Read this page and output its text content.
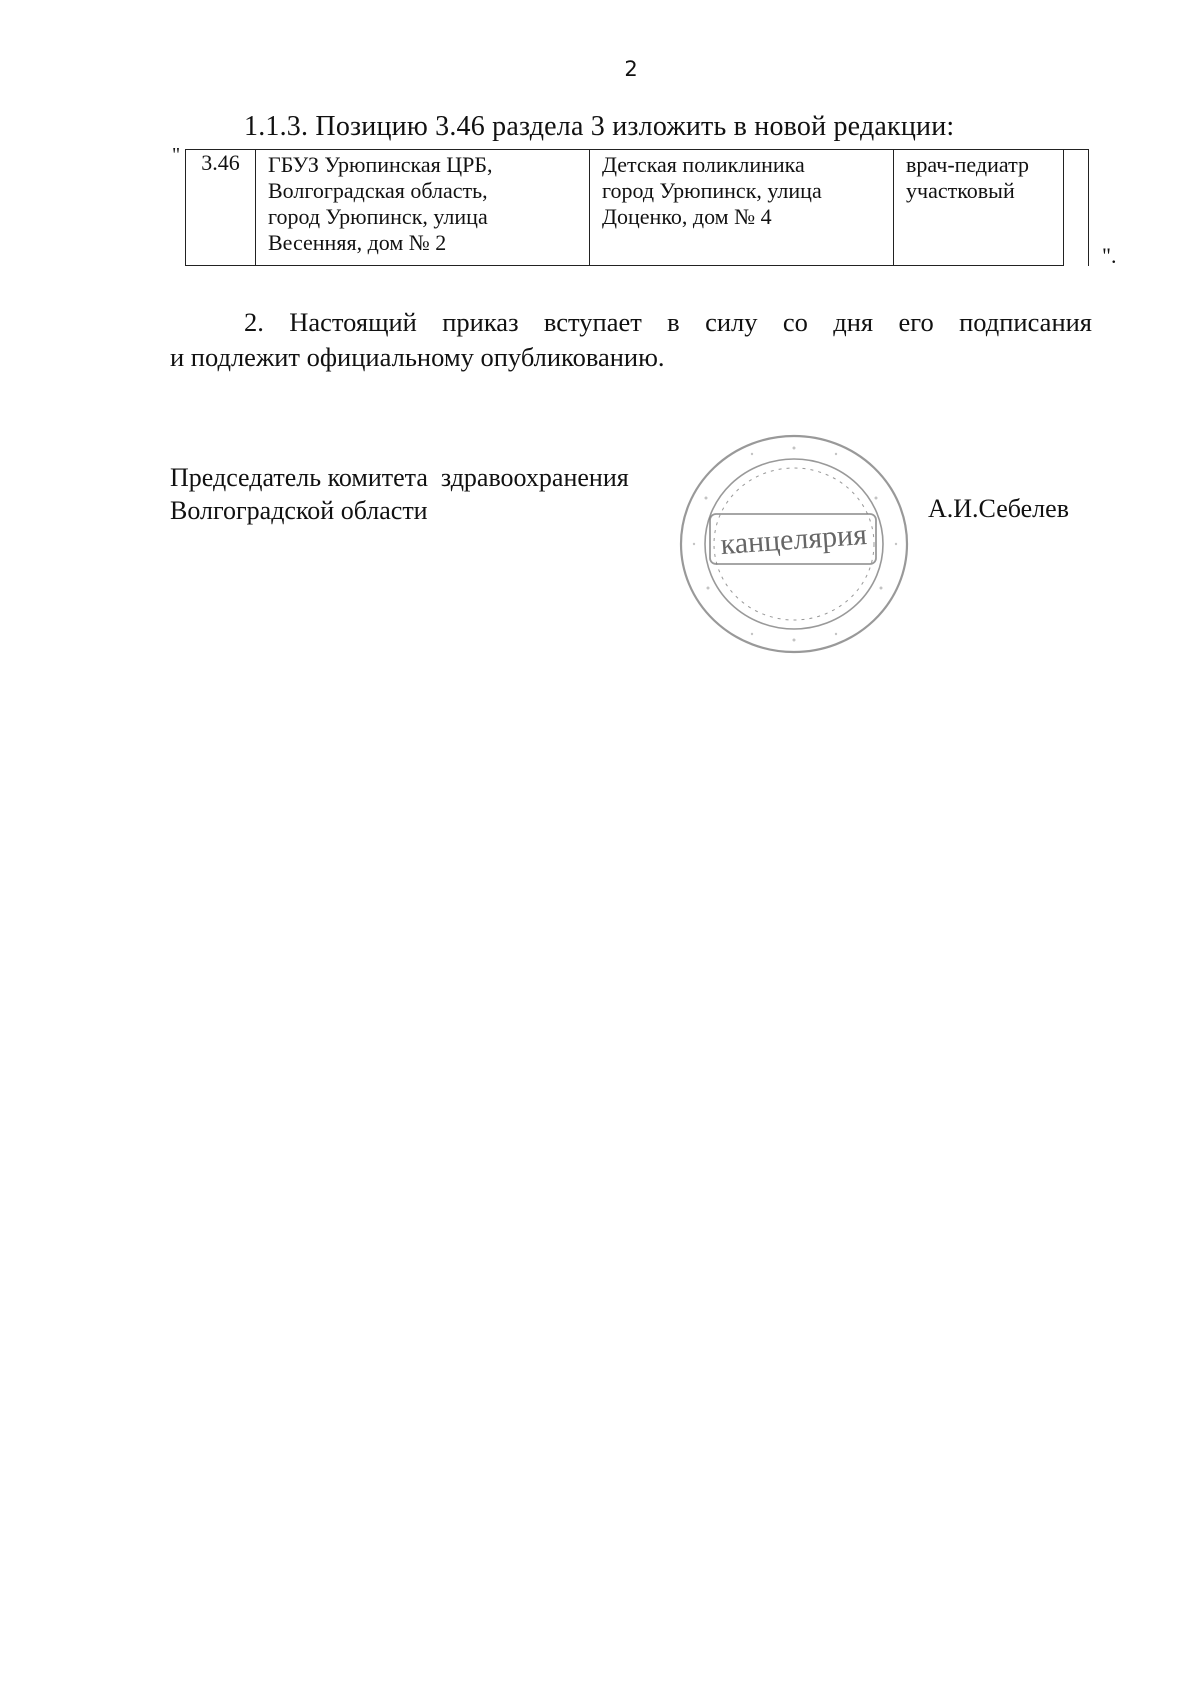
2
1.1.3. Позицию 3.46 раздела 3 изложить в новой редакции:
" 3.46	ГБУЗ Урюпинская ЦРБ,
Волгоградская область,
город Урюпинск, улица
Весенняя, дом № 2

Детская поликлиника
город Урюпинск, улица
Доценко, дом № 4

врач-педиатр
участковый

".
2. Настоящий приказ вступает в силу со дня его подписания
и подлежит официальному опубликованию.
Председатель комитета  здравоохранения
Волгоградской области	А.И.Себелев
канцелярия
